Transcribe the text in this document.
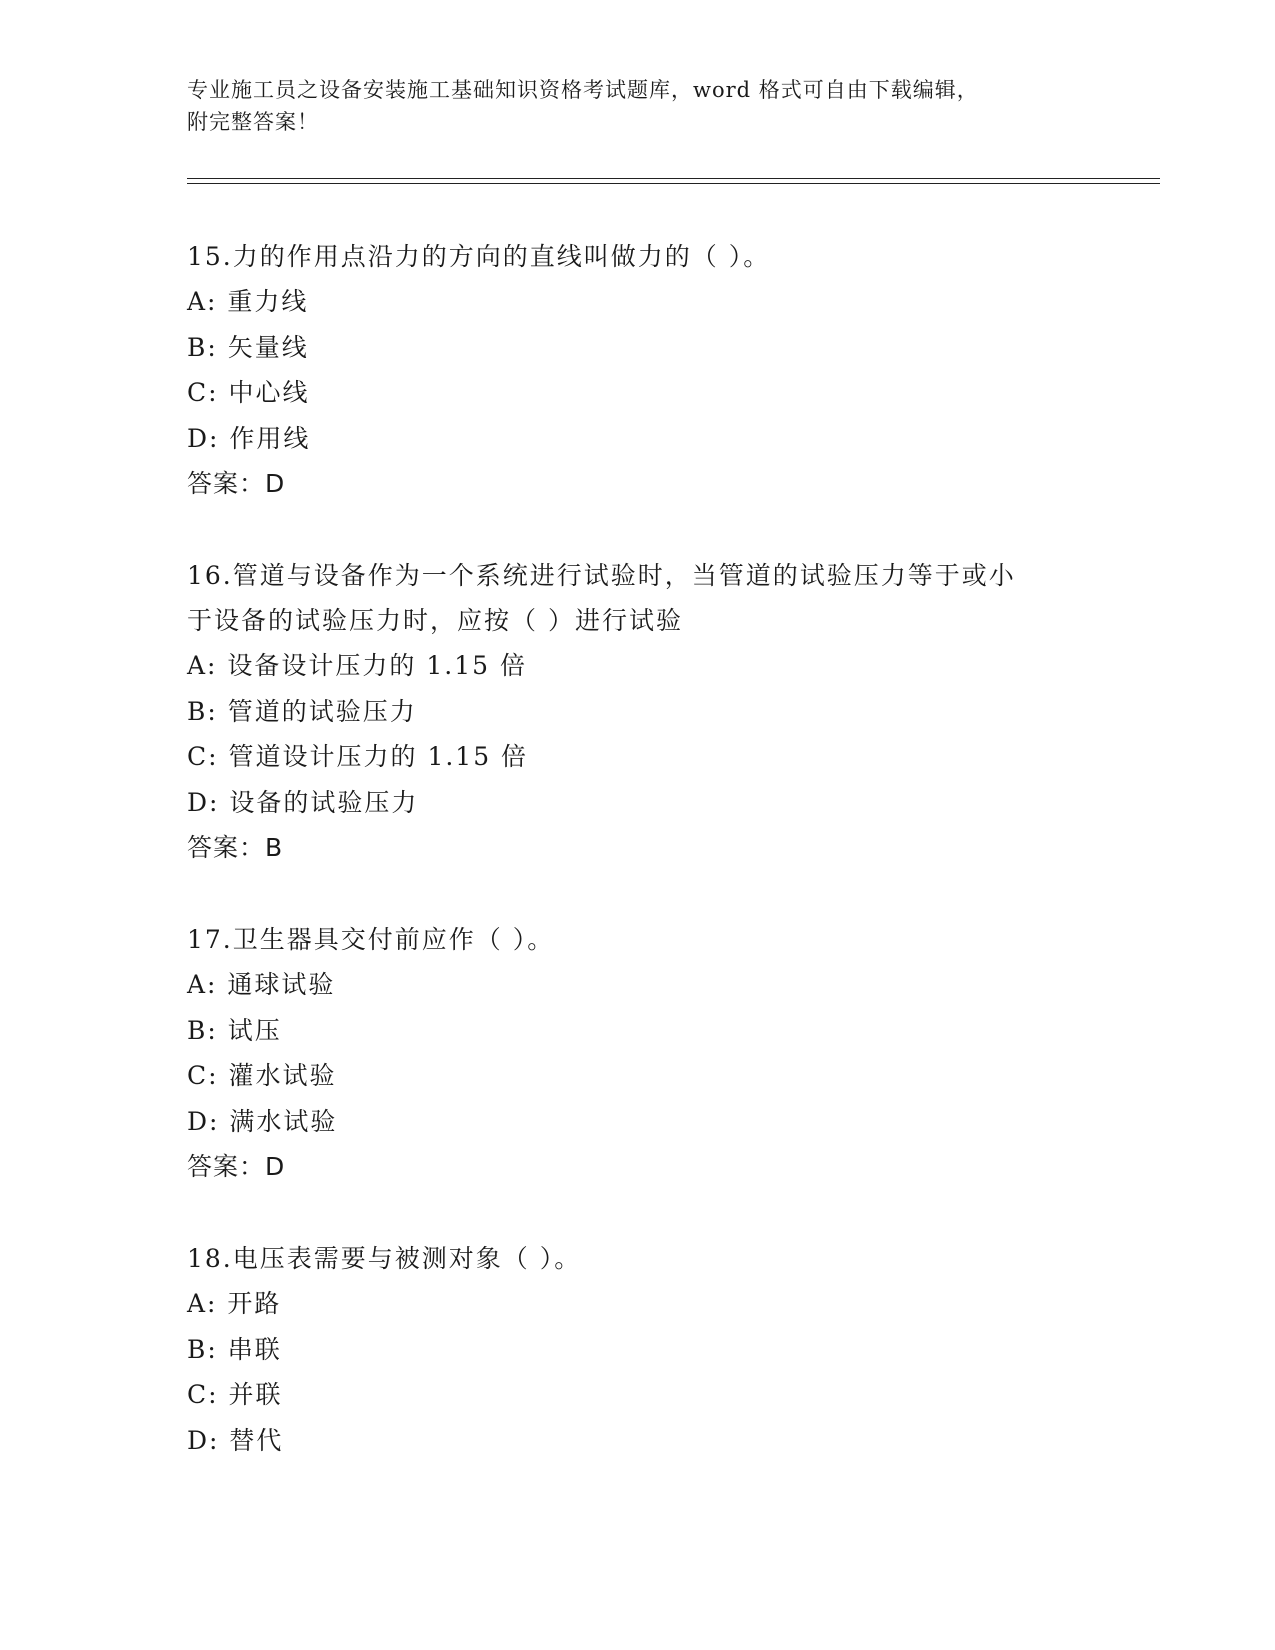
专业施工员之设备安装施工基础知识资格考试题库，word 格式可自由下载编辑，
附完整答案！

15.力的作用点沿力的方向的直线叫做力的（ ）。

A: 重力线

B: 矢量线

C: 中心线

D: 作用线

答案：D

16.管道与设备作为一个系统进行试验时，当管道的试验压力等于或小

于设备的试验压力时，应按（ ）进行试验

A: 设备设计压力的 1.15 倍

B: 管道的试验压力

C: 管道设计压力的 1.15 倍

D: 设备的试验压力

答案：B

17.卫生器具交付前应作（ ）。

A: 通球试验

B: 试压

C: 灌水试验

D: 满水试验

答案：D

18.电压表需要与被测对象（ ）。

A: 开路

B: 串联

C: 并联

D: 替代
